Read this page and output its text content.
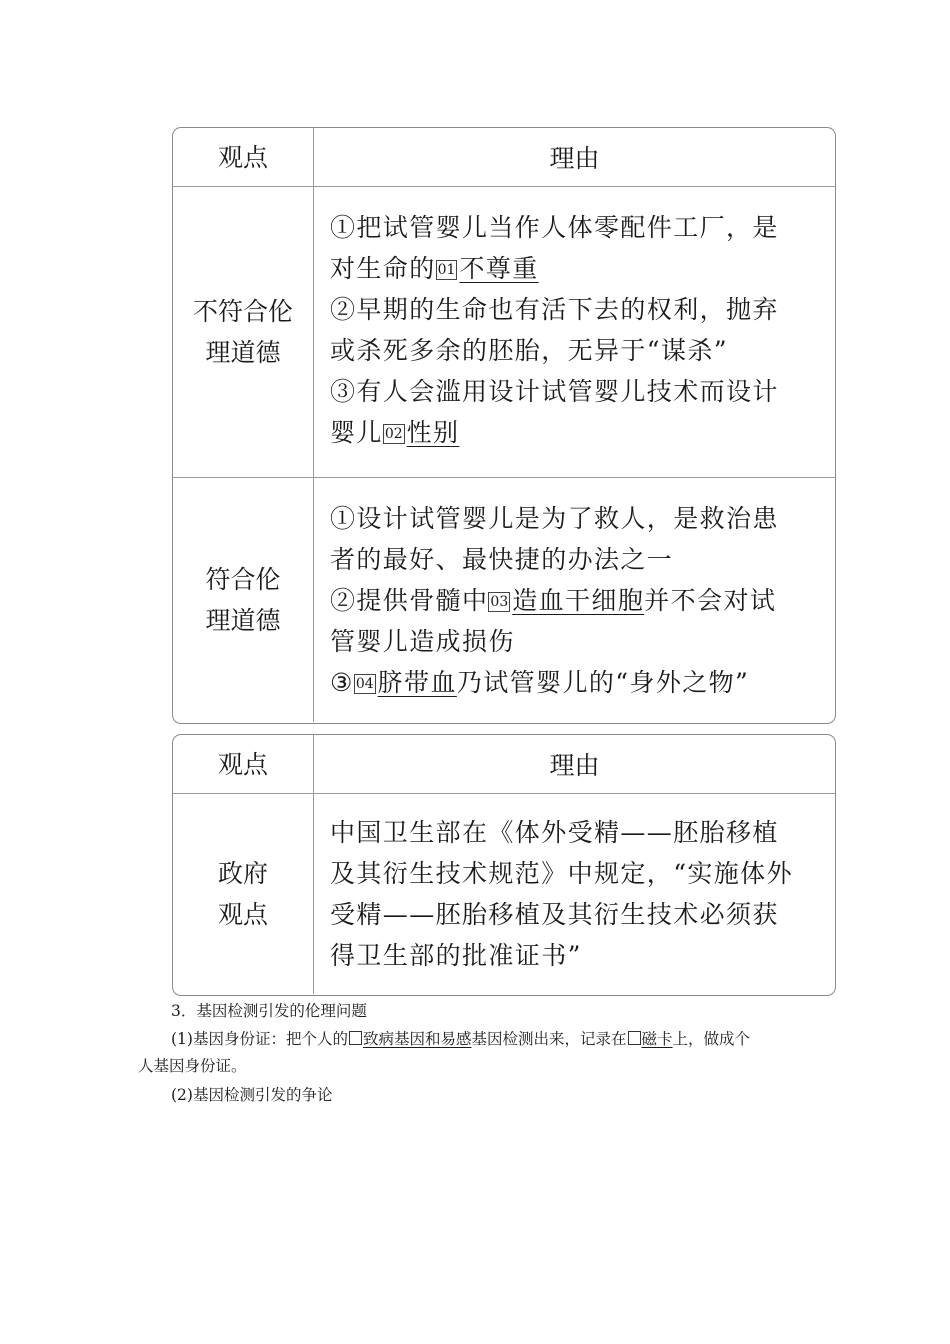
观点	理由
不符合伦
理道德
①把试管婴儿当作人体零配件工厂，是
对生命的 01 不尊重
②早期的生命也有活下去的权利，抛弃
或杀死多余的胚胎，无异于“谋杀”
③有人会滥用设计试管婴儿技术而设计
婴儿 02 性别
符合伦
理道德
①设计试管婴儿是为了救人，是救治患
者的最好、最快捷的办法之一
②提供骨髓中 03 造血干细胞并不会对试
管婴儿造成损伤
③ 04 脐带血乃试管婴儿的“身外之物”
观点	理由
政府
观点
中国卫生部在《体外受精——胚胎移植
及其衍生技术规范》中规定，“实施体外
受精——胚胎移植及其衍生技术必须获
得卫生部的批准证书”
3．基因检测引发的伦理问题
(1)基因身份证：把个人的 致病基因和易感基因检测出来，记录在 磁卡上，做成个
人基因身份证。
(2)基因检测引发的争论
